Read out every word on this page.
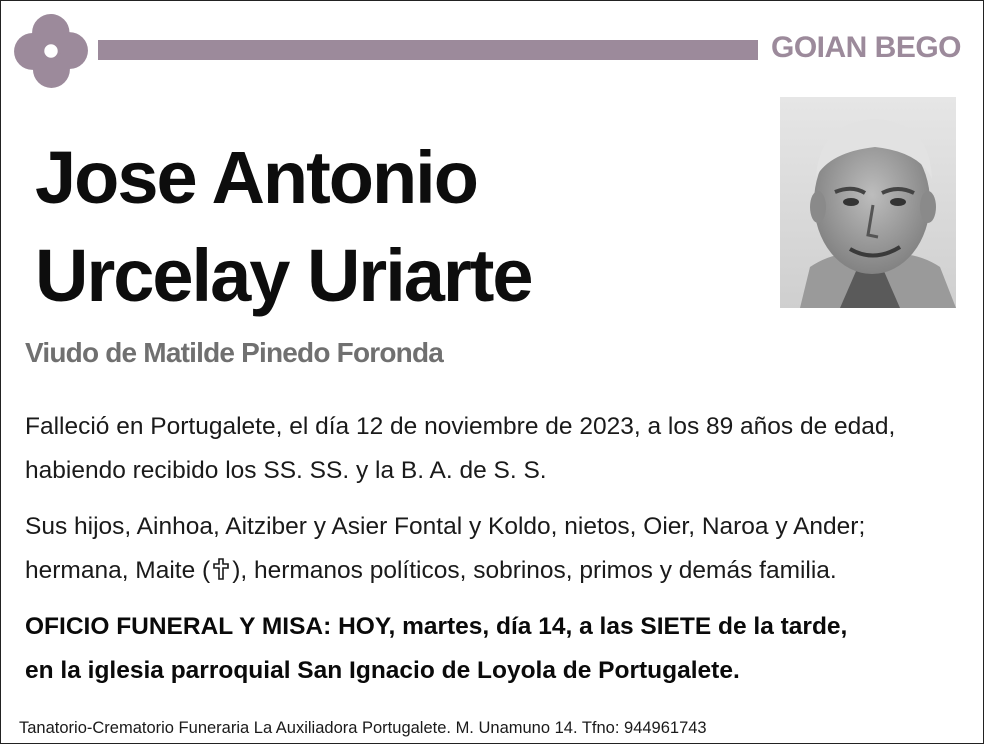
GOIAN BEGO
Jose Antonio
Urcelay Uriarte
Viudo de Matilde Pinedo Foronda

Falleció en Portugalete, el día 12 de noviembre de 2023, a los 89 años de edad, habiendo recibido los SS. SS. y la B. A. de S. S.

Sus hijos, Ainhoa, Aitziber y Asier Fontal y Koldo, nietos, Oier, Naroa y Ander; hermana, Maite ( ), hermanos políticos, sobrinos, primos y demás familia.

OFICIO FUNERAL Y MISA: HOY, martes, día 14, a las SIETE de la tarde,
en la iglesia parroquial San Ignacio de Loyola de Portugalete.

Tanatorio-Crematorio Funeraria La Auxiliadora Portugalete. M. Unamuno 14. Tfno: 944961743
